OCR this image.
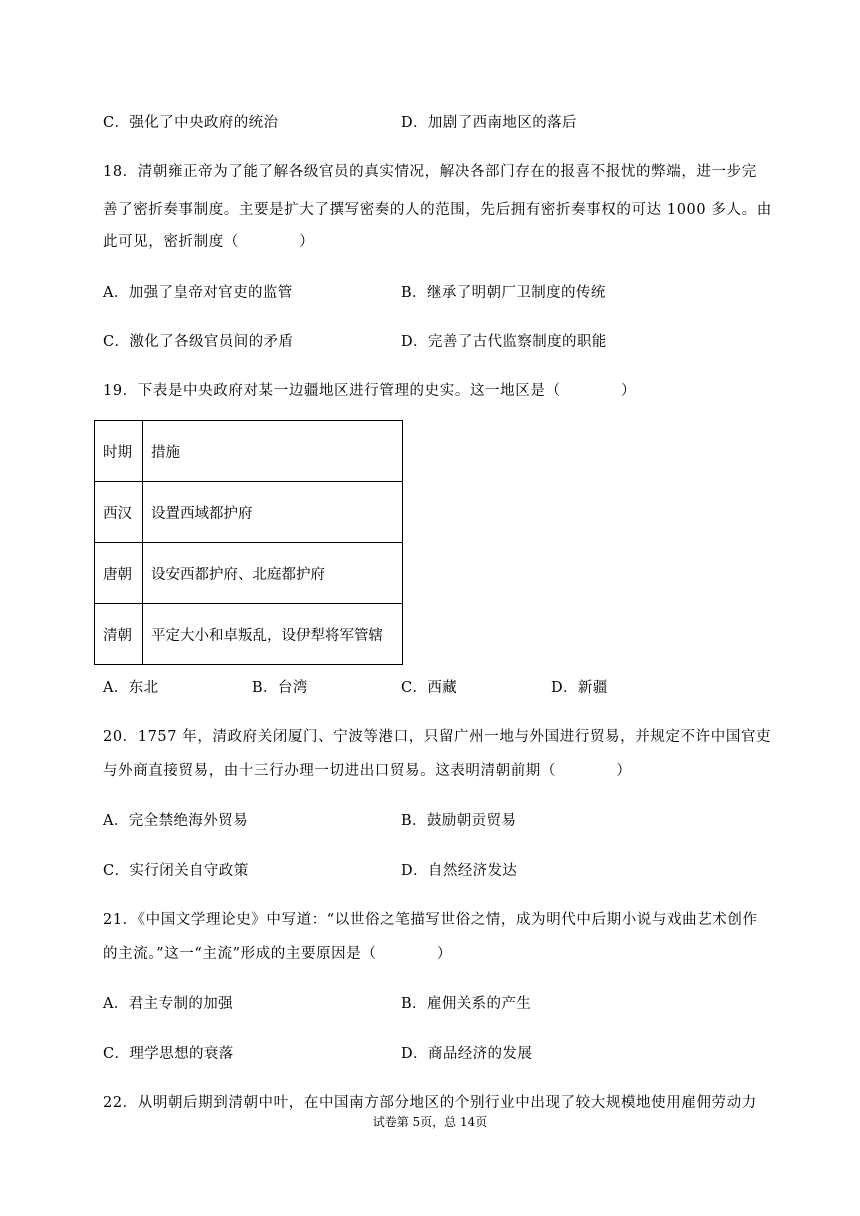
C．强化了中央政府的统治	D．加剧了西南地区的落后
18．清朝雍正帝为了能了解各级官员的真实情况，解决各部门存在的报喜不报忧的弊端，进一步完
善了密折奏事制度。主要是扩大了撰写密奏的人的范围，先后拥有密折奏事权的可达 1000 多人。由
此可见，密折制度（　　　　）
A．加强了皇帝对官吏的监管	B．继承了明朝厂卫制度的传统
C．激化了各级官员间的矛盾	D．完善了古代监察制度的职能
19．下表是中央政府对某一边疆地区进行管理的史实。这一地区是（　　　　）
时期	措施
西汉	设置西域都护府
唐朝	设安西都护府、北庭都护府
清朝	平定大小和卓叛乱，设伊犁将军管辖
A．东北	B．台湾	C．西藏	D．新疆
20．1757 年，清政府关闭厦门、宁波等港口，只留广州一地与外国进行贸易，并规定不许中国官吏
与外商直接贸易，由十三行办理一切进出口贸易。这表明清朝前期（　　　　）
A．完全禁绝海外贸易	B．鼓励朝贡贸易
C．实行闭关自守政策	D．自然经济发达
21．《中国文学理论史》中写道：“以世俗之笔描写世俗之情，成为明代中后期小说与戏曲艺术创作
的主流。”这一“主流”形成的主要原因是（　　　　）
A．君主专制的加强	B．雇佣关系的产生
C．理学思想的衰落	D．商品经济的发展
22．从明朝后期到清朝中叶，在中国南方部分地区的个别行业中出现了较大规模地使用雇佣劳动力
试卷第 5页，总 14页
